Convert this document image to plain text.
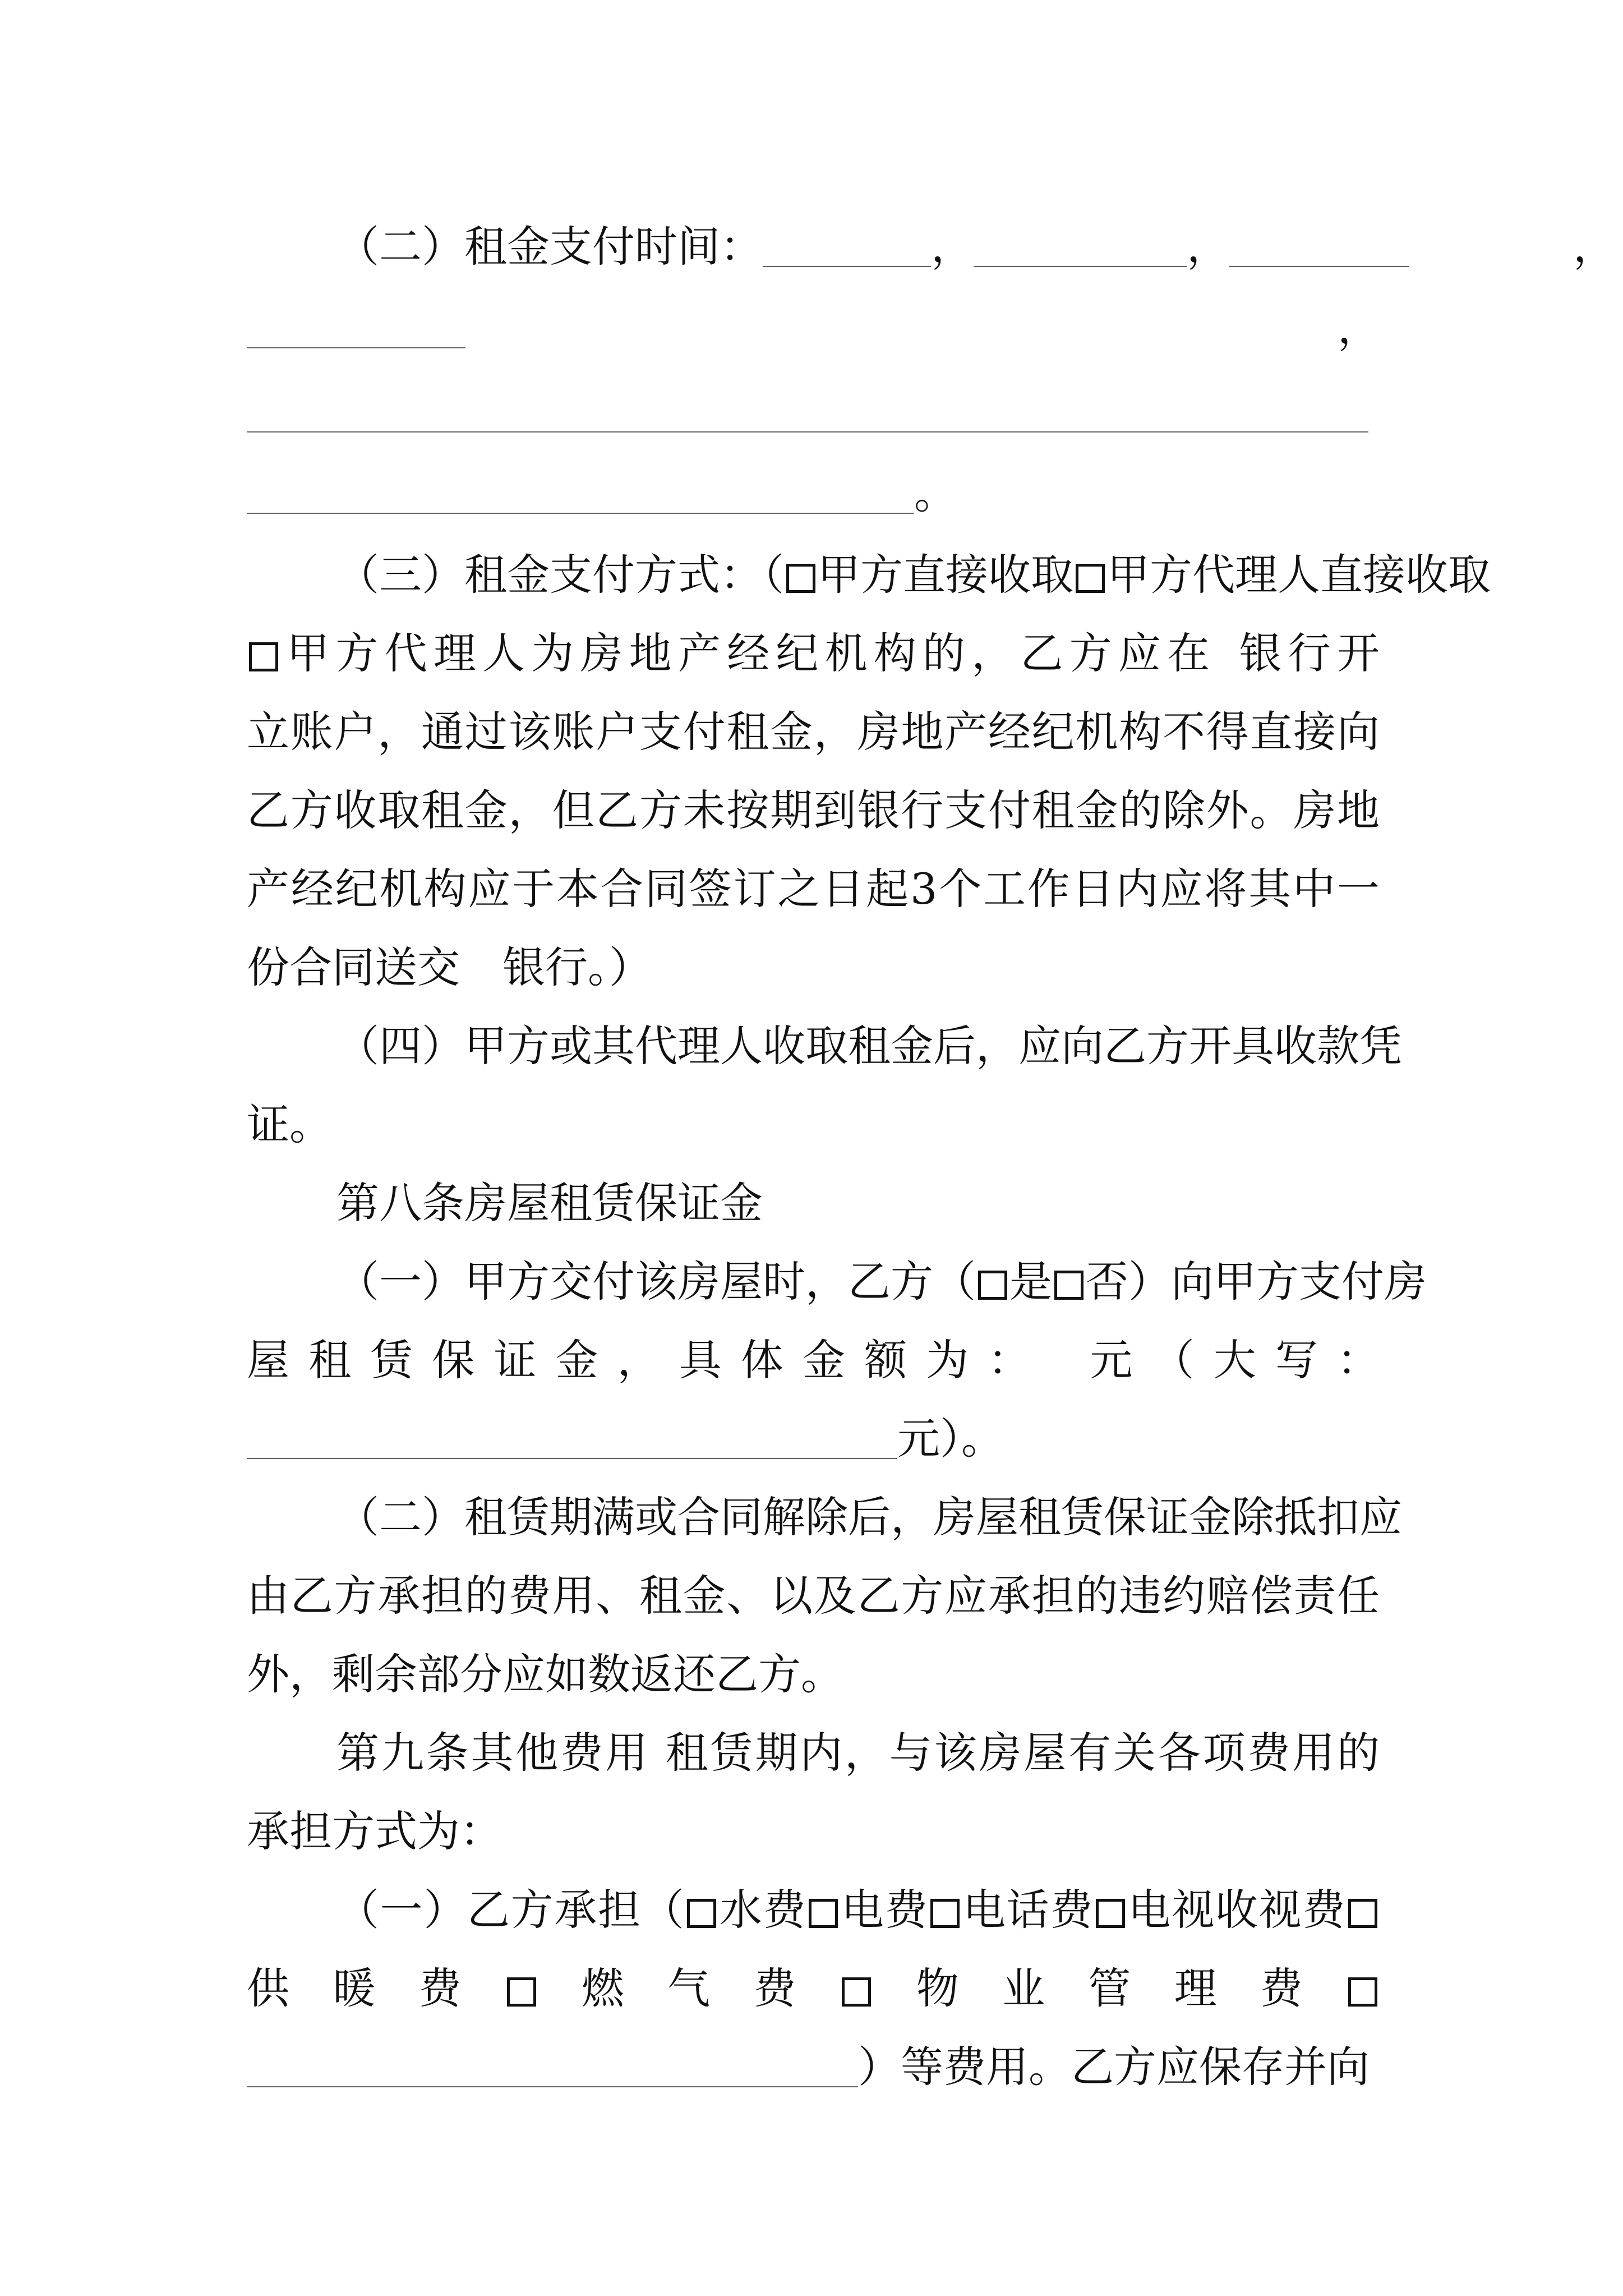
（二）租金支付时间：	，	，	，
，
。
（三）租金支付方式：（ 甲方直接收取 甲方代理人直接收取
甲方代理人为房地产经纪机构的，乙方应在 银行开
立账户，通过该账户支付租金，房地产经纪机构不得直接向
乙方收取租金，但乙方未按期到银行支付租金的除外。房地
产经纪机构应于本合同签订之日起3个工作日内应将其中一
份合同送交　银行。）
（四）甲方或其代理人收取租金后，应向乙方开具收款凭
证。
第八条房屋租赁保证金
（一）甲方交付该房屋时，乙方（ 是 否）向甲方支付房
屋租赁保证金，具体金额为：　元（大写：
元）。
（二）租赁期满或合同解除后，房屋租赁保证金除抵扣应
由乙方承担的费用、租金、以及乙方应承担的违约赔偿责任
外，剩余部分应如数返还乙方。
第九条其他费用 租赁期内，与该房屋有关各项费用的
承担方式为：
（一）乙方承担（ 水费 电费 电话费 电视收视费
供暖费 燃气费 物业管理费
）等费用。乙方应保存并向
